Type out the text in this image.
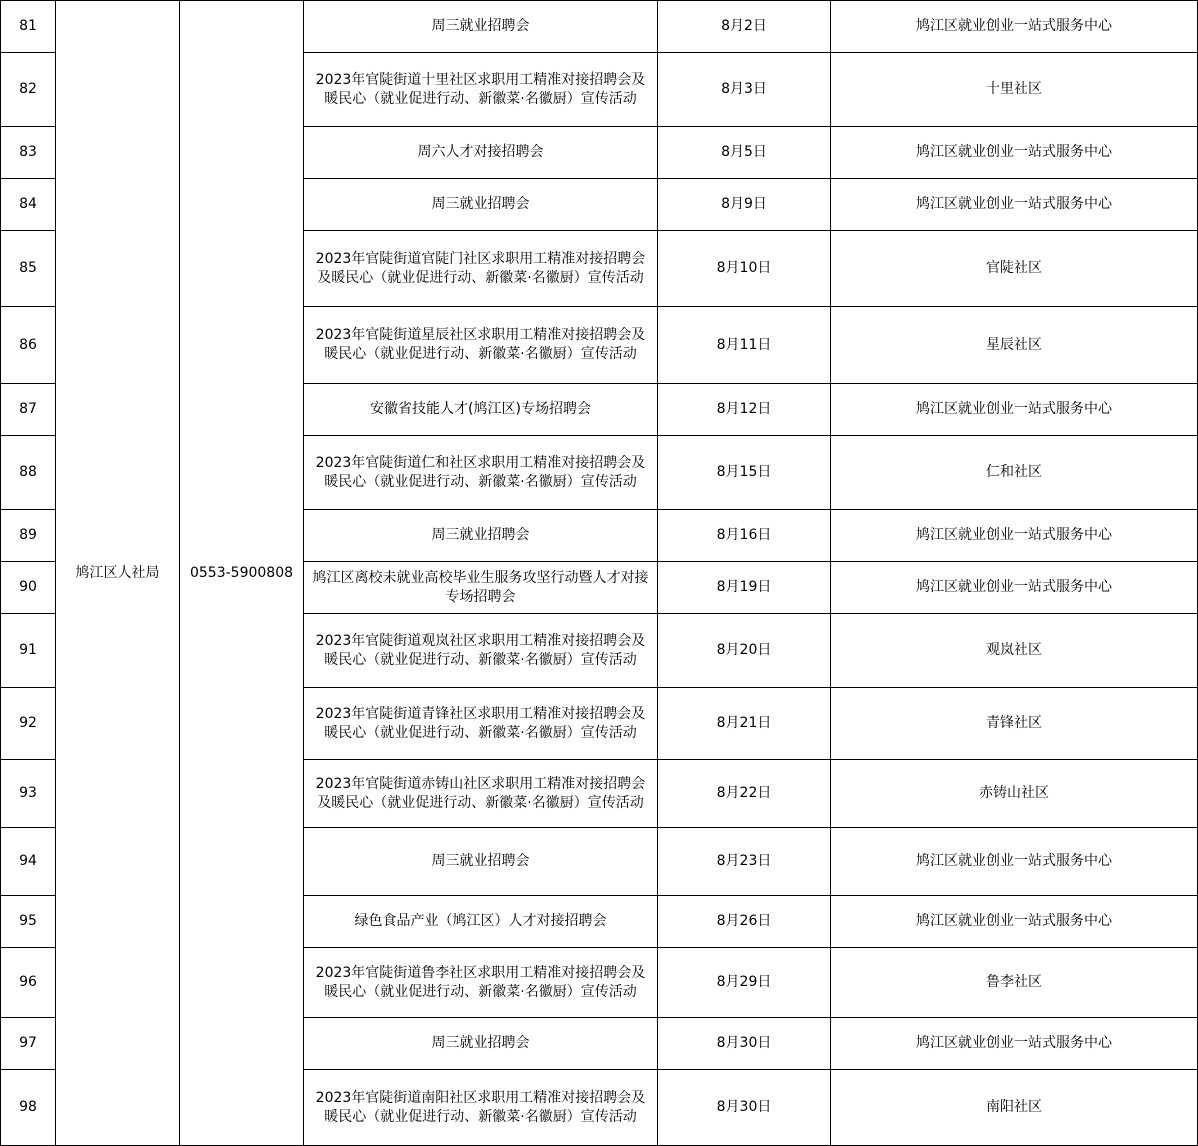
81	鸠江区人社局	0553-5900808	周三就业招聘会	8月2日	鸠江区就业创业一站式服务中心
82			2023年官陡街道十里社区求职用工精准对接招聘会及暖民心（就业促进行动、新徽菜·名徽厨）宣传活动	8月3日	十里社区
83			周六人才对接招聘会	8月5日	鸠江区就业创业一站式服务中心
84			周三就业招聘会	8月9日	鸠江区就业创业一站式服务中心
85			2023年官陡街道官陡门社区求职用工精准对接招聘会及暖民心（就业促进行动、新徽菜·名徽厨）宣传活动	8月10日	官陡社区
86			2023年官陡街道星辰社区求职用工精准对接招聘会及暖民心（就业促进行动、新徽菜·名徽厨）宣传活动	8月11日	星辰社区
87			安徽省技能人才(鸠江区)专场招聘会	8月12日	鸠江区就业创业一站式服务中心
88			2023年官陡街道仁和社区求职用工精准对接招聘会及暖民心（就业促进行动、新徽菜·名徽厨）宣传活动	8月15日	仁和社区
89			周三就业招聘会	8月16日	鸠江区就业创业一站式服务中心
90			鸠江区离校未就业高校毕业生服务攻坚行动暨人才对接专场招聘会	8月19日	鸠江区就业创业一站式服务中心
91			2023年官陡街道观岚社区求职用工精准对接招聘会及暖民心（就业促进行动、新徽菜·名徽厨）宣传活动	8月20日	观岚社区
92			2023年官陡街道青锋社区求职用工精准对接招聘会及暖民心（就业促进行动、新徽菜·名徽厨）宣传活动	8月21日	青锋社区
93			2023年官陡街道赤铸山社区求职用工精准对接招聘会及暖民心（就业促进行动、新徽菜·名徽厨）宣传活动	8月22日	赤铸山社区
94			周三就业招聘会	8月23日	鸠江区就业创业一站式服务中心
95			绿色食品产业（鸠江区）人才对接招聘会	8月26日	鸠江区就业创业一站式服务中心
96			2023年官陡街道鲁李社区求职用工精准对接招聘会及暖民心（就业促进行动、新徽菜·名徽厨）宣传活动	8月29日	鲁李社区
97			周三就业招聘会	8月30日	鸠江区就业创业一站式服务中心
98			2023年官陡街道南阳社区求职用工精准对接招聘会及暖民心（就业促进行动、新徽菜·名徽厨）宣传活动	8月30日	南阳社区
